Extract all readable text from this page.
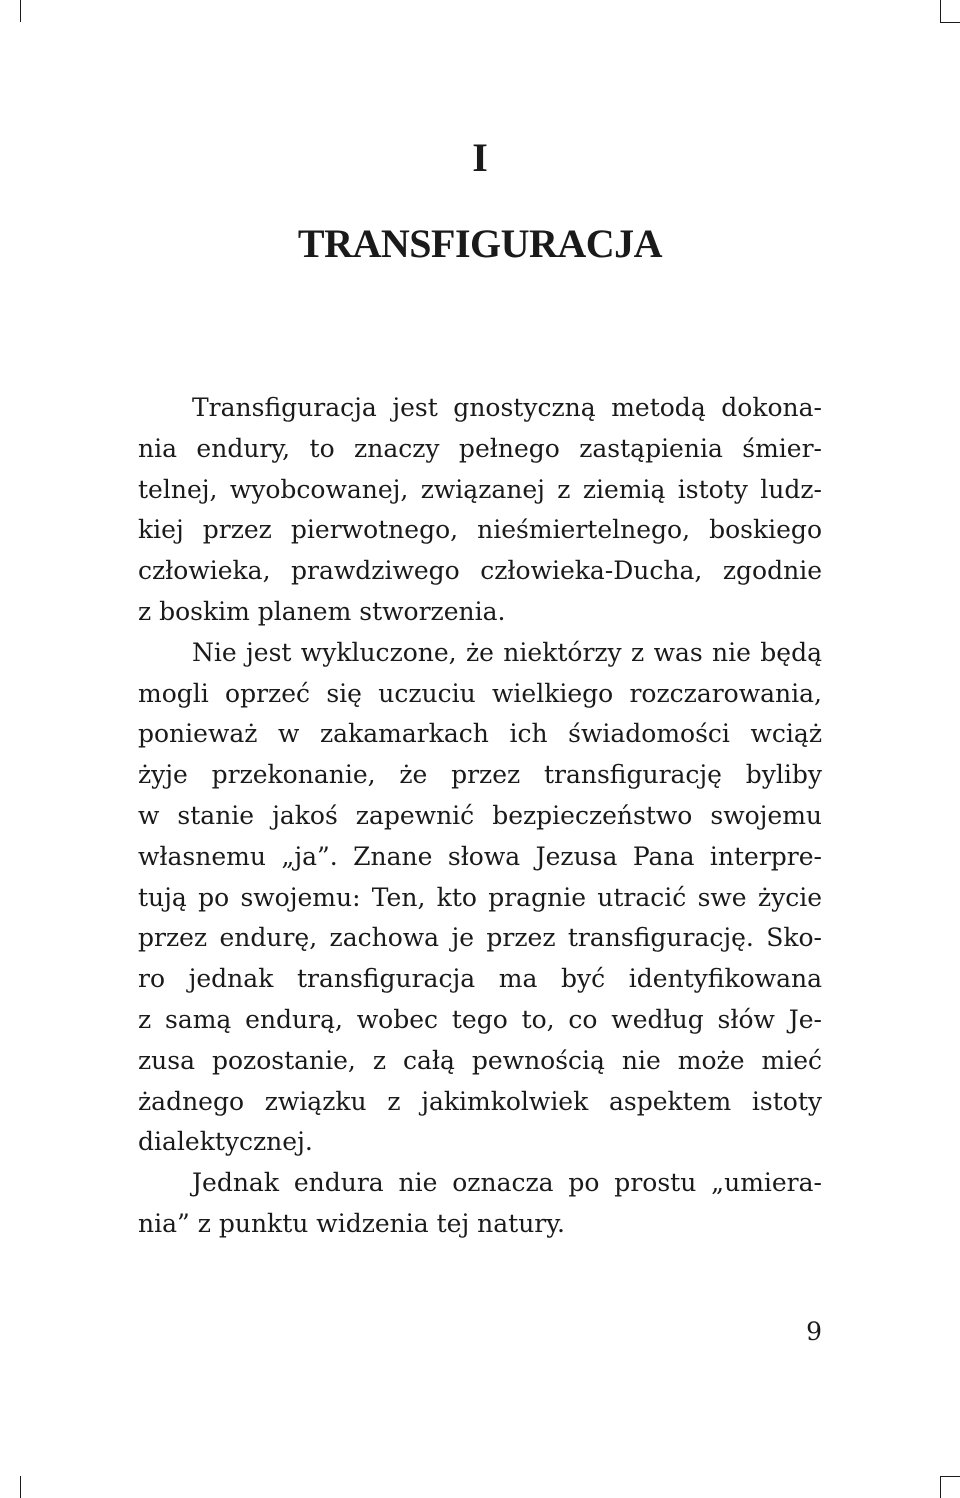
I
TRANSFIGURACJA
Transfiguracja jest gnostyczną metodą dokona-
nia endury, to znaczy pełnego zastąpienia śmier-
telnej, wyobcowanej, związanej z ziemią istoty ludz-
kiej przez pierwotnego, nieśmiertelnego, boskiego
człowieka, prawdziwego człowieka-Ducha, zgodnie
z boskim planem stworzenia.
Nie jest wykluczone, że niektórzy z was nie będą
mogli oprzeć się uczuciu wielkiego rozczarowania,
ponieważ w zakamarkach ich świadomości wciąż
żyje przekonanie, że przez transfigurację byliby
w stanie jakoś zapewnić bezpieczeństwo swojemu
własnemu „ja”. Znane słowa Jezusa Pana interpre-
tują po swojemu: Ten, kto pragnie utracić swe życie
przez endurę, zachowa je przez transfigurację. Sko-
ro jednak transfiguracja ma być identyfikowana
z samą endurą, wobec tego to, co według słów Je-
zusa pozostanie, z całą pewnością nie może mieć
żadnego związku z jakimkolwiek aspektem istoty
dialektycznej.
Jednak endura nie oznacza po prostu „umiera-
nia” z punktu widzenia tej natury.
9
